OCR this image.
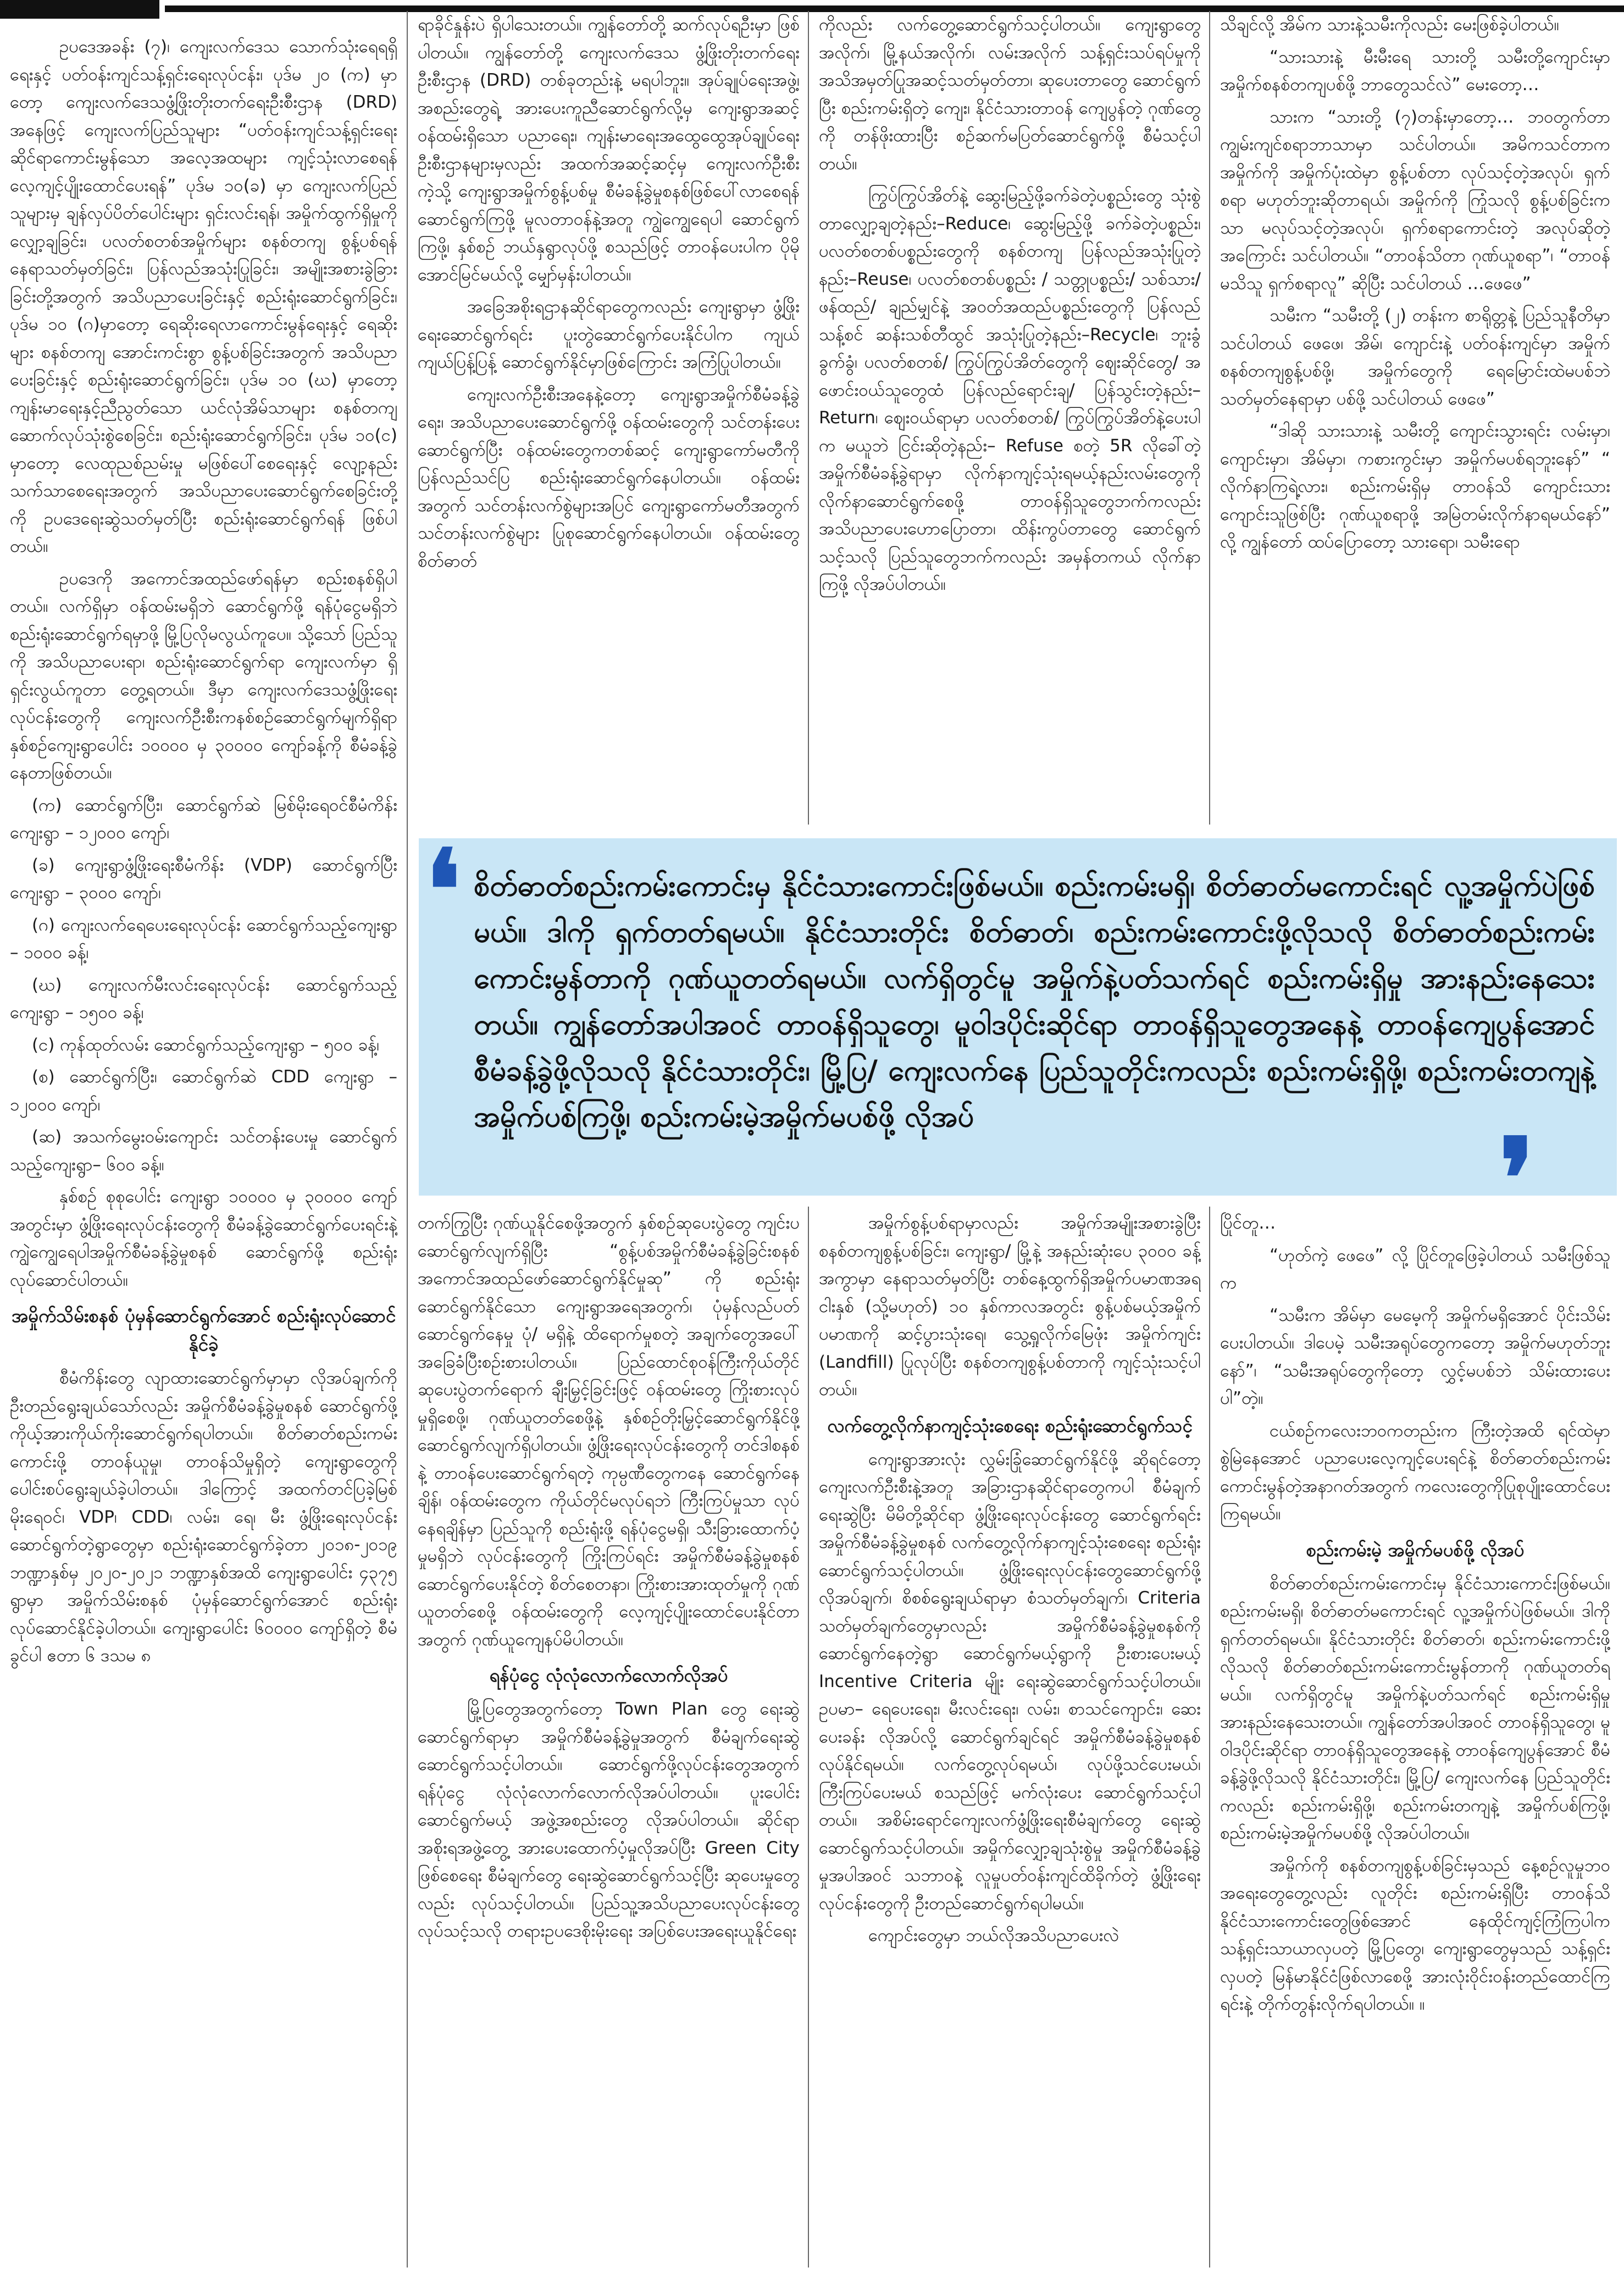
ဥပဒေအခန်း (၇)၊ ကျေးလက်ဒေသ သောက်သုံးရေရရှိရေးနှင့် ပတ်ဝန်းကျင်သန့်ရှင်းရေးလုပ်ငန်း၊ ပုဒ်မ ၂၀ (က) မှာတော့ ကျေးလက်ဒေသဖွံ့ဖြိုးတိုးတက်ရေးဦးစီးဌာန (DRD) အနေဖြင့် ကျေးလက်ပြည်သူများ “ပတ်ဝန်းကျင်သန့်ရှင်းရေးဆိုင်ရာကောင်းမွန်သော အလေ့အထများ ကျင့်သုံးလာစေရန် လေ့ကျင့်ပျိုးထောင်ပေးရန်” ပုဒ်မ ၁၀(ခ) မှာ ကျေးလက်ပြည်သူများမှ ချန်လှပ်ပိတ်ပေါင်းများ ရှင်းလင်းရန်၊ အမှိုက်ထွက်ရှိမှုကို လျှော့ချခြင်း၊ ပလတ်စတစ်အမှိုက်များ စနစ်တကျ စွန့်ပစ်ရန်နေရာသတ်မှတ်ခြင်း၊ ပြန်လည်အသုံးပြုခြင်း၊ အမျိုးအစားခွဲခြားခြင်းတို့အတွက် အသိပညာပေးခြင်းနှင့် စည်းရုံးဆောင်ရွက်ခြင်း၊ ပုဒ်မ ၁၀ (ဂ)မှာတော့ ရေဆိုးရေလာကောင်းမွန်ရေးနှင့် ရေဆိုးများ စနစ်တကျ အောင်းကင်းစွာ စွန့်ပစ်ခြင်းအတွက် အသိပညာပေးခြင်းနှင့် စည်းရုံးဆောင်ရွက်ခြင်း၊ ပုဒ်မ ၁၀ (ဃ) မှာတော့ ကျန်းမာရေးနှင့်ညီညွတ်သော ယင်လုံအိမ်သာများ စနစ်တကျဆောက်လုပ်သုံးစွဲစေခြင်း၊ စည်းရုံးဆောင်ရွက်ခြင်း၊ ပုဒ်မ ၁၀(င) မှာတော့ လေထုညစ်ညမ်းမှု မဖြစ်ပေါ်စေရေးနှင့် လျော့နည်းသက်သာစေရေးအတွက် အသိပညာပေးဆောင်ရွက်စေခြင်းတို့ကို ဥပဒေရေးဆွဲသတ်မှတ်ပြီး စည်းရုံးဆောင်ရွက်ရန် ဖြစ်ပါတယ်။

ဥပဒေကို အကောင်အထည်ဖော်ရန်မှာ စည်းစနစ်ရှိပါတယ်။ လက်ရှိမှာ ဝန်ထမ်းမရှိဘဲ ဆောင်ရွက်ဖို့ ရန်ပုံငွေမရှိဘဲ စည်းရုံးဆောင်ရွက်ရမှာဖို့ မြို့ပြလိုမလွယ်ကူပေ။ သို့သော် ပြည်သူကို အသိပညာပေးရာ၊ စည်းရုံးဆောင်ရွက်ရာ ကျေးလက်မှာ ရှိရှင်းလွယ်ကူတာ တွေ့ရတယ်။ ဒီမှာ ကျေးလက်ဒေသဖွံ့ဖြိုးရေးလုပ်ငန်းတွေကို ကျေးလက်ဦးစီးကနစ်စဉ်ဆောင်ရွက်မျက်ရှိရာ နှစ်စဉ်ကျေးရွာပေါင်း ၁၀၀၀၀ မှ ၃၀၀၀၀ ကျော်ခန့်ကို စီမံခန့်ခွဲနေတာဖြစ်တယ်။

(က) ဆောင်ရွက်ပြီး၊ ဆောင်ရွက်ဆဲ မြစ်မိုးရေဝင်စီမံကိန်းကျေးရွာ – ၁၂၀၀၀ ကျော်၊

(ခ) ကျေးရွာဖွံ့ဖြိုးရေးစီမံကိန်း (VDP) ဆောင်ရွက်ပြီးကျေးရွာ – ၃၀၀၀ ကျော်၊

(ဂ) ကျေးလက်ရေပေးရေးလုပ်ငန်း ဆောင်ရွက်သည့်ကျေးရွာ – ၁၀၀၀ ခန့်၊

(ဃ) ကျေးလက်မီးလင်းရေးလုပ်ငန်း ဆောင်ရွက်သည့်ကျေးရွာ – ၁၅၀၀ ခန့်၊

(င) ကုန်ထုတ်လမ်း ဆောင်ရွက်သည့်ကျေးရွာ – ၅၀၀ ခန့်၊

(စ) ဆောင်ရွက်ပြီး၊ ဆောင်ရွက်ဆဲ CDD ကျေးရွာ – ၁၂၀၀၀ ကျော်၊

(ဆ) အသက်မွေးဝမ်းကျောင်း သင်တန်းပေးမှု ဆောင်ရွက်သည့်ကျေးရွာ– ၆၀၀ ခန့်။

နှစ်စဉ် စုစုပေါင်း ကျေးရွာ ၁၀၀၀၀ မှ ၃၀၀၀၀ ကျော်အတွင်းမှာ ဖွံ့ဖြိုးရေးလုပ်ငန်းတွေကို စီမံခန့်ခွဲဆောင်ရွက်ပေးရင်းနဲ့ ကျွဲကျွေရေပါအမှိုက်စီမံခန့်ခွဲမှုစနစ် ဆောင်ရွက်ဖို့ စည်းရုံးလုပ်ဆောင်ပါတယ်။

အမှိုက်သိမ်းစနစ် ပုံမှန်ဆောင်ရွက်အောင် စည်းရုံးလုပ်ဆောင်နိုင်ခဲ့

စီမံကိန်းတွေ လျာထားဆောင်ရွက်မှာမှာ လိုအပ်ချက်ကို ဦးတည်ရွေးချယ်သော်လည်း အမှိုက်စီမံခန့်ခွဲမှုစနစ် ဆောင်ရွက်ဖို့ ကိုယ့်အားကိုယ်ကိုးဆောင်ရွက်ရပါတယ်။ စိတ်ဓာတ်စည်းကမ်းကောင်းဖို့ တာဝန်ယူမှု၊ တာဝန်သိမှုရှိတဲ့ ကျေးရွာတွေကို ပေါင်းစပ်ရွေးချယ်ခဲ့ပါတယ်။ ဒါကြောင့် အထက်တင်ပြခဲ့မြစ်မိုးရေဝင်၊ VDP၊ CDD၊ လမ်း၊ ရေ၊ မီး ဖွံ့ဖြိုးရေးလုပ်ငန်းဆောင်ရွက်တဲ့ရွာတွေမှာ စည်းရုံးဆောင်ရွက်ခဲ့တာ ၂၀၁၈-၂၀၁၉ ဘဏ္ဍာနှစ်မှ ၂၀၂၀-၂၀၂၁ ဘဏ္ဍာနှစ်အထိ ကျေးရွာပေါင်း ၄၃၇၅ ရွာမှာ အမှိုက်သိမ်းစနစ် ပုံမှန်ဆောင်ရွက်အောင် စည်းရုံးလုပ်ဆောင်နိုင်ခဲ့ပါတယ်။ ကျေးရွာပေါင်း ၆၀၀၀၀ ကျော်ရှိတဲ့ စီမံခွင်ပါ ဧတာ ၆ ဒသမ ၈

ရာခိုင်နှုန်းပဲ ရှိပါသေးတယ်။ ကျွန်တော်တို့ ဆက်လုပ်ရဦးမှာ ဖြစ်ပါတယ်။ ကျွန်တော်တို့ ကျေးလက်ဒေသ ဖွံ့ဖြိုးတိုးတက်ရေးဦးစီးဌာန (DRD) တစ်ခုတည်းနဲ့ မရပါဘူး။ အုပ်ချုပ်ရေးအဖွဲ့၊ အစည်းတွေရဲ့ အားပေးကူညီဆောင်ရွက်လို့မှ ကျေးရွာအဆင့် ဝန်ထမ်းရှိသော ပညာရေး၊ ကျန်းမာရေးအထွေထွေအုပ်ချုပ်ရေးဦးစီးဌာနများမှလည်း အထက်အဆင့်ဆင့်မှ ကျေးလက်ဦးစီးကဲ့သို့ ကျေးရွာအမှိုက်စွန့်ပစ်မှု စီမံခန့်ခွဲမှုစနစ်ဖြစ်ပေါ်လာစေရန် ဆောင်ရွက်ကြဖို့ မူလတာဝန်နဲ့အတူ ကျွဲကျွေရေပါ ဆောင်ရွက်ကြဖို့၊ နှစ်စဉ် ဘယ်နှရွာလုပ်ဖို့ စသည်ဖြင့် တာဝန်ပေးပါက ပိုမိုအောင်မြင်မယ်လို့ မျှော်မှန်းပါတယ်။

အခြေအစိုးရဌာနဆိုင်ရာတွေကလည်း ကျေးရွာမှာ ဖွံ့ဖြိုးရေးဆောင်ရွက်ရင်း ပူးတွဲဆောင်ရွက်ပေးနိုင်ပါက ကျယ်ကျယ်ပြန့်ပြန့် ဆောင်ရွက်နိုင်မှာဖြစ်ကြောင်း အကြံပြုပါတယ်။

ကျေးလက်ဦးစီးအနေနဲ့တော့ ကျေးရွာအမှိုက်စီမံခန့်ခွဲရေး၊ အသိပညာပေးဆောင်ရွက်ဖို့ ဝန်ထမ်းတွေကို သင်တန်းပေးဆောင်ရွက်ပြီး ဝန်ထမ်းတွေကတစ်ဆင့် ကျေးရွာကော်မတီကို ပြန်လည်သင်ပြ စည်းရုံးဆောင်ရွက်နေပါတယ်။ ဝန်ထမ်းအတွက် သင်တန်းလက်စွဲများအပြင် ကျေးရွာကော်မတီအတွက် သင်တန်းလက်စွဲများ ပြုစုဆောင်ရွက်နေပါတယ်။ ဝန်ထမ်းတွေ စိတ်ဓာတ်

ကိုလည်း လက်တွေ့ဆောင်ရွက်သင့်ပါတယ်။ ကျေးရွာတွေအလိုက်၊ မြို့နယ်အလိုက်၊ လမ်းအလိုက် သန့်ရှင်းသပ်ရပ်မှုကို အသိအမှတ်ပြုအဆင့်သတ်မှတ်တာ၊ ဆုပေးတာတွေ ဆောင်ရွက်ပြီး စည်းကမ်းရှိတဲ့ ကျေး၊ နိုင်ငံသားတာဝန် ကျေပွန်တဲ့ ဂုဏ်တွေကို တန်ဖိုးထားပြီး စဉ်ဆက်မပြတ်ဆောင်ရွက်ဖို့ စီမံသင့်ပါတယ်။

ကြွပ်ကြွပ်အိတ်နဲ့ ဆွေးမြည့်ဖို့ခက်ခဲတဲ့ပစ္စည်းတွေ သုံးစွဲတာလျှော့ချတဲ့နည်း–Reduce၊ ဆွေးမြည့်ဖို့ ခက်ခဲတဲ့ပစ္စည်း၊ ပလတ်စတစ်ပစ္စည်းတွေကို စနစ်တကျ ပြန်လည်အသုံးပြုတဲ့နည်း–Reuse၊ ပလတ်စတစ်ပစ္စည်း / သတ္တုပစ္စည်း/ သစ်သား/ ဖန်ထည်/ ချည်မျှင်နဲ့ အဝတ်အထည်ပစ္စည်းတွေကို ပြန်လည်သန့်စင် ဆန်းသစ်တီထွင် အသုံးပြုတဲ့နည်း–Recycle၊ ဘူးခွံခွက်ခွံ၊ ပလတ်စတစ်/ ကြွပ်ကြွပ်အိတ်တွေကို ဈေးဆိုင်တွေ/ အဖောင်းဝယ်သူတွေထံ ပြန်လည်ရောင်းချ/ ပြန်သွင်းတဲ့နည်း– Return၊ ဈေးဝယ်ရာမှာ ပလတ်စတစ်/ ကြွပ်ကြွပ်အိတ်နဲ့ပေးပါက မယူဘဲ ငြင်းဆိုတဲ့နည်း– Refuse စတဲ့ 5R လိုခေါ်တဲ့ အမှိုက်စီမံခန့်ခွဲရာမှာ လိုက်နာကျင့်သုံးရမယ့်နည်းလမ်းတွေကို လိုက်နာဆောင်ရွက်စေဖို့ တာဝန်ရှိသူတွေဘက်ကလည်း အသိပညာပေးဟောပြောတာ၊ ထိန်းကွပ်တာတွေ ဆောင်ရွက်သင့်သလို ပြည်သူတွေဘက်ကလည်း အမှန်တကယ် လိုက်နာကြဖို့ လိုအပ်ပါတယ်။

သိချင်လို့ အိမ်က သားနဲ့သမီးကိုလည်း မေးဖြစ်ခဲ့ပါတယ်။

“သားသားနဲ့ မီးမီးရေ သားတို့ သမီးတို့ကျောင်းမှာ အမှိုက်စနစ်တကျပစ်ဖို့ ဘာတွေသင်လဲ” မေးတော့…

သားက “သားတို့ (၇)တန်းမှာတော့… ဘဝတွက်တာကျွမ်းကျင်စရာဘာသာမှာ သင်ပါတယ်။ အမိကသင်တာက အမှိုက်ကို အမှိုက်ပုံးထဲမှာ စွန့်ပစ်တာ လုပ်သင့်တဲ့အလုပ်၊ ရှက်စရာ မဟုတ်ဘူးဆိုတာရယ်၊ အမှိုက်ကို ကြုံသလို စွန့်ပစ်ခြင်းကသာ မလုပ်သင့်တဲ့အလုပ်၊ ရှက်စရာကောင်းတဲ့ အလုပ်ဆိုတဲ့အကြောင်း သင်ပါတယ်။ “တာဝန်သိတာ ဂုဏ်ယူစရာ”၊ “တာဝန်မသိသူ ရှက်စရာလူ” ဆိုပြီး သင်ပါတယ် …ဖေဖေ”

သမီးက “သမီးတို့ (၂) တန်းက စာရိုတ္တနဲ့ ပြည်သူနီတိမှာ သင်ပါတယ် ဖေဖေ၊ အိမ်၊ ကျောင်းနဲ့ ပတ်ဝန်းကျင်မှာ အမှိုက်စနစ်တကျစွန့်ပစ်ဖို့၊ အမှိုက်တွေကို ရေမြောင်းထဲမပစ်ဘဲ သတ်မှတ်နေရာမှာ ပစ်ဖို့ သင်ပါတယ် ဖေဖေ”

“ဒါဆို သားသားနဲ့ သမီးတို့ ကျောင်းသွားရင်း လမ်းမှာ၊ ကျောင်းမှာ၊ အိမ်မှာ၊ ကစားကွင်းမှာ အမှိုက်မပစ်ရဘူးနော်” “ လိုက်နာကြရဲ့လား၊ စည်းကမ်းရှိမှ တာဝန်သိ ကျောင်းသားကျောင်းသူဖြစ်ပြီး ဂုဏ်ယူစရာဖို့ အမြဲတမ်းလိုက်နာရမယ်နော်” လို့ ကျွန်တော် ထပ်ပြောတော့ သားရော၊ သမီးရော

❛ စိတ်ဓာတ်စည်းကမ်းကောင်းမှ နိုင်ငံသားကောင်းဖြစ်မယ်။ စည်းကမ်းမရှိ၊ စိတ်ဓာတ်မကောင်းရင် လူ့အမှိုက်ပဲဖြစ်မယ်။ ဒါကို ရှက်တတ်ရမယ်။ နိုင်ငံသားတိုင်း စိတ်ဓာတ်၊ စည်းကမ်းကောင်းဖို့လိုသလို စိတ်ဓာတ်စည်းကမ်းကောင်းမွန်တာကို ဂုဏ်ယူတတ်ရမယ်။ လက်ရှိတွင်မူ အမှိုက်နဲ့ပတ်သက်ရင် စည်းကမ်းရှိမှု အားနည်းနေသေးတယ်။ ကျွန်တော်အပါအဝင် တာဝန်ရှိသူတွေ၊ မူဝါဒပိုင်းဆိုင်ရာ တာဝန်ရှိသူတွေအနေနဲ့ တာဝန်ကျေပွန်အောင် စီမံခန့်ခွဲဖို့လိုသလို နိုင်ငံသားတိုင်း၊ မြို့ပြ/ ကျေးလက်နေ ပြည်သူတိုင်းကလည်း စည်းကမ်းရှိဖို့၊ စည်းကမ်းတကျနဲ့ အမှိုက်ပစ်ကြဖို့၊ စည်းကမ်းမဲ့အမှိုက်မပစ်ဖို့ လိုအပ်	❜

တက်ကြွပြီး ဂုဏ်ယူနိုင်စေဖို့အတွက် နှစ်စဉ်ဆုပေးပွဲတွေ ကျင်းပဆောင်ရွက်လျက်ရှိပြီး “စွန့်ပစ်အမှိုက်စီမံခန့်ခွဲခြင်းစနစ် အကောင်အထည်ဖော်ဆောင်ရွက်နိုင်မှုဆု” ကို စည်းရုံးဆောင်ရွက်နိုင်သော ကျေးရွာအရေအတွက်၊ ပုံမှန်လည်ပတ်ဆောင်ရွက်နေမှု ပုံ/ မရှိနဲ့ ထိရောက်မှုစတဲ့ အချက်တွေအပေါ် အခြေခံပြီးစဉ်းစားပါတယ်။ ပြည်ထောင်စုဝန်ကြီးကိုယ်တိုင် ဆုပေးပွဲတက်ရောက် ချီးမြှင့်ခြင်းဖြင့် ဝန်ထမ်းတွေ ကြိုးစားလုပ်မှုရှိစေဖို့၊ ဂုဏ်ယူတတ်စေဖို့နဲ့ နှစ်စဉ်တိုးမြှင့်ဆောင်ရွက်နိုင်ဖို့ ဆောင်ရွက်လျက်ရှိပါတယ်။ ဖွံ့ဖြိုးရေးလုပ်ငန်းတွေကို တင်ဒါစနစ်နဲ့ တာဝန်ပေးဆောင်ရွက်ရတဲ့ ကုမ္ပဏီတွေကနေ ဆောင်ရွက်နေချိန်၊ ဝန်ထမ်းတွေက ကိုယ်တိုင်မလုပ်ရဘဲ ကြီးကြပ်မှုသာ လုပ်နေရချိန်မှာ ပြည်သူကို စည်းရုံးဖို့ ရန်ပုံငွေမရှိ၊ သီးခြားထောက်ပံ့မှုမရှိဘဲ လုပ်ငန်းတွေကို ကြိုးကြပ်ရင်း အမှိုက်စီမံခန့်ခွဲမှုစနစ် ဆောင်ရွက်ပေးနိုင်တဲ့ စိတ်စေတနာ၊ ကြိုးစားအားထုတ်မှုကို ဂုဏ်ယူတတ်စေဖို့ ဝန်ထမ်းတွေကို လေ့ကျင့်ပျိုးထောင်ပေးနိုင်တာအတွက် ဂုဏ်ယူကျေနပ်မိပါတယ်။

ရန်ပုံငွေ လုံလုံလောက်လောက်လိုအပ်

မြို့ပြတွေအတွက်တော့ Town Plan တွေ ရေးဆွဲဆောင်ရွက်ရာမှာ အမှိုက်စီမံခန့်ခွဲမှုအတွက် စီမံချက်ရေးဆွဲဆောင်ရွက်သင့်ပါတယ်။ ဆောင်ရွက်ဖို့လုပ်ငန်းတွေအတွက် ရန်ပုံငွေ လုံလုံလောက်လောက်လိုအပ်ပါတယ်။ ပူးပေါင်းဆောင်ရွက်မယ့် အဖွဲ့အစည်းတွေ လိုအပ်ပါတယ်။ ဆိုင်ရာအစိုးရအဖွဲ့တွေ့ အားပေးထောက်ပံ့မှုလိုအပ်ပြီး Green City ဖြစ်စေရေး စီမံချက်တွေ ရေးဆွဲဆောင်ရွက်သင့်ပြီး ဆုပေးမှုတွေလည်း လုပ်သင့်ပါတယ်။ ပြည်သူ့အသိပညာပေးလုပ်ငန်းတွေ လုပ်သင့်သလို တရားဥပဒေစိုးမိုးရေး အပြစ်ပေးအရေးယူနိုင်ရေး

အမှိုက်စွန့်ပစ်ရာမှာလည်း အမှိုက်အမျိုးအစားခွဲပြီး စနစ်တကျစွန့်ပစ်ခြင်း၊ ကျေးရွာ/ မြို့နဲ့ အနည်းဆုံးပေ ၃၀၀၀ ခန့်အကွာမှာ နေရာသတ်မှတ်ပြီး တစ်နေ့ထွက်ရှိအမှိုက်ပမာဏအရ ငါးနှစ် (သို့မဟုတ်) ၁၀ နှစ်ကာလအတွင်း စွန့်ပစ်မယ့်အမှိုက်ပမာဏကို ဆင့်ပွားသုံးရေ၊ သွေ့ရှုလိုက်မြေဖုံး အမှိုက်ကျင်း (Landfill) ပြုလုပ်ပြီး စနစ်တကျစွန့်ပစ်တာကို ကျင့်သုံးသင့်ပါတယ်။

လက်တွေ့လိုက်နာကျင့်သုံးစေရေး စည်းရုံးဆောင်ရွက်သင့်

ကျေးရွာအားလုံး လွှမ်းခြုံဆောင်ရွက်နိုင်ဖို့ ဆိုရင်တော့ ကျေးလက်ဦးစီးနဲ့အတူ အခြားဌာနဆိုင်ရာတွေကပါ စီမံချက်ရေးဆွဲပြီး မိမိတို့ဆိုင်ရာ ဖွံ့ဖြိုးရေးလုပ်ငန်းတွေ ဆောင်ရွက်ရင်း အမှိုက်စီမံခန့်ခွဲမှုစနစ် လက်တွေ့လိုက်နာကျင့်သုံးစေရေး စည်းရုံးဆောင်ရွက်သင့်ပါတယ်။ ဖွံ့ဖြိုးရေးလုပ်ငန်းတွေဆောင်ရွက်ဖို့ လိုအပ်ချက်၊ စိစစ်ရွေးချယ်ရာမှာ စံသတ်မှတ်ချက်၊ Criteria သတ်မှတ်ချက်တွေမှာလည်း အမှိုက်စီမံခန့်ခွဲမှုစနစ်ကို ဆောင်ရွက်နေတဲ့ရွာ ဆောင်ရွက်မယ့်ရွာကို ဦးစားပေးမယ့် Incentive Criteria မျိုး ရေးဆွဲဆောင်ရွက်သင့်ပါတယ်။ ဥပမာ– ရေပေးရေး၊ မီးလင်းရေး၊ လမ်း၊ စာသင်ကျောင်း၊ ဆေးပေးခန်း လိုအပ်လို့ ဆောင်ရွက်ချင်ရင် အမှိုက်စီမံခန့်ခွဲမှုစနစ် လုပ်နိုင်ရမယ်။ လက်တွေ့လုပ်ရမယ်၊ လုပ်ဖို့သင်ပေးမယ်၊ ကြီးကြပ်ပေးမယ် စသည်ဖြင့် မက်လုံးပေး ဆောင်ရွက်သင့်ပါတယ်။ အစိမ်းရောင်ကျေးလက်ဖွံ့ဖြိုးရေးစီမံချက်တွေ ရေးဆွဲဆောင်ရွက်သင့်ပါတယ်။ အမှိုက်လျှော့ချသုံးစွဲမှု အမှိုက်စီမံခန့်ခွဲမှုအပါအဝင် သဘာဝနဲ့ လူမှုပတ်ဝန်းကျင်ထိခိုက်တဲ့ ဖွံ့ဖြိုးရေးလုပ်ငန်းတွေကို ဦးတည်ဆောင်ရွက်ရပါမယ်။

ကျောင်းတွေမှာ ဘယ်လိုအသိပညာပေးလဲ

ပြိုင်တူ…

“ဟုတ်ကဲ့ ဖေဖေ” လို့ ပြိုင်တူဖြေခဲ့ပါတယ် သမီးဖြစ်သူက

“သမီးက အိမ်မှာ မေမေ့ကို အမှိုက်မရှိအောင် ပိုင်းသိမ်းပေးပါတယ်။ ဒါပေမဲ့ သမီးအရုပ်တွေကတော့ အမှိုက်မဟုတ်ဘူးနော်”၊ “သမီးအရုပ်တွေကိုတော့ လွှင့်မပစ်ဘဲ သိမ်းထားပေးပါ”တဲ့။

ငယ်စဉ်ကလေးဘဝကတည်းက ကြီးတဲ့အထိ ရင်ထဲမှာ စွဲမြဲနေအောင် ပညာပေးလေ့ကျင့်ပေးရင်နဲ့ စိတ်ဓာတ်စည်းကမ်း ကောင်းမွန်တဲ့အနာဂတ်အတွက် ကလေးတွေကိုပြုစုပျိုးထောင်ပေးကြရမယ်။

စည်းကမ်းမဲ့ အမှိုက်မပစ်ဖို့ လိုအပ်

စိတ်ဓာတ်စည်းကမ်းကောင်းမှ နိုင်ငံသားကောင်းဖြစ်မယ်။ စည်းကမ်းမရှိ၊ စိတ်ဓာတ်မကောင်းရင် လူ့အမှိုက်ပဲဖြစ်မယ်။ ဒါကို ရှက်တတ်ရမယ်။ နိုင်ငံသားတိုင်း စိတ်ဓာတ်၊ စည်းကမ်းကောင်းဖို့လိုသလို စိတ်ဓာတ်စည်းကမ်းကောင်းမွန်တာကို ဂုဏ်ယူတတ်ရမယ်။ လက်ရှိတွင်မူ အမှိုက်နဲ့ပတ်သက်ရင် စည်းကမ်းရှိမှု အားနည်းနေသေးတယ်။ ကျွန်တော်အပါအဝင် တာဝန်ရှိသူတွေ၊ မူဝါဒပိုင်းဆိုင်ရာ တာဝန်ရှိသူတွေအနေနဲ့ တာဝန်ကျေပွန်အောင် စီမံခန့်ခွဲဖို့လိုသလို နိုင်ငံသားတိုင်း၊ မြို့ပြ/ ကျေးလက်နေ ပြည်သူတိုင်းကလည်း စည်းကမ်းရှိဖို့၊ စည်းကမ်းတကျနဲ့ အမှိုက်ပစ်ကြဖို့၊ စည်းကမ်းမဲ့အမှိုက်မပစ်ဖို့ လိုအပ်ပါတယ်။

အမှိုက်ကို စနစ်တကျစွန့်ပစ်ခြင်းမှသည် နေ့စဉ်လူမှုဘဝအရေးတွေတွေ့လည်း လူတိုင်း စည်းကမ်းရှိပြီး တာဝန်သိနိုင်ငံသားကောင်းတွေဖြစ်အောင် နေထိုင်ကျင့်ကြံကြပါက သန့်ရှင်းသာယာလှပတဲ့ မြို့ပြတွေ၊ ကျေးရွာတွေမှသည် သန့်ရှင်းလှပတဲ့ မြန်မာနိုင်ငံဖြစ်လာစေဖို့ အားလုံးဝိုင်းဝန်းတည်ထောင်ကြရင်းနဲ့ တိုက်တွန်းလိုက်ရပါတယ်။ ။
